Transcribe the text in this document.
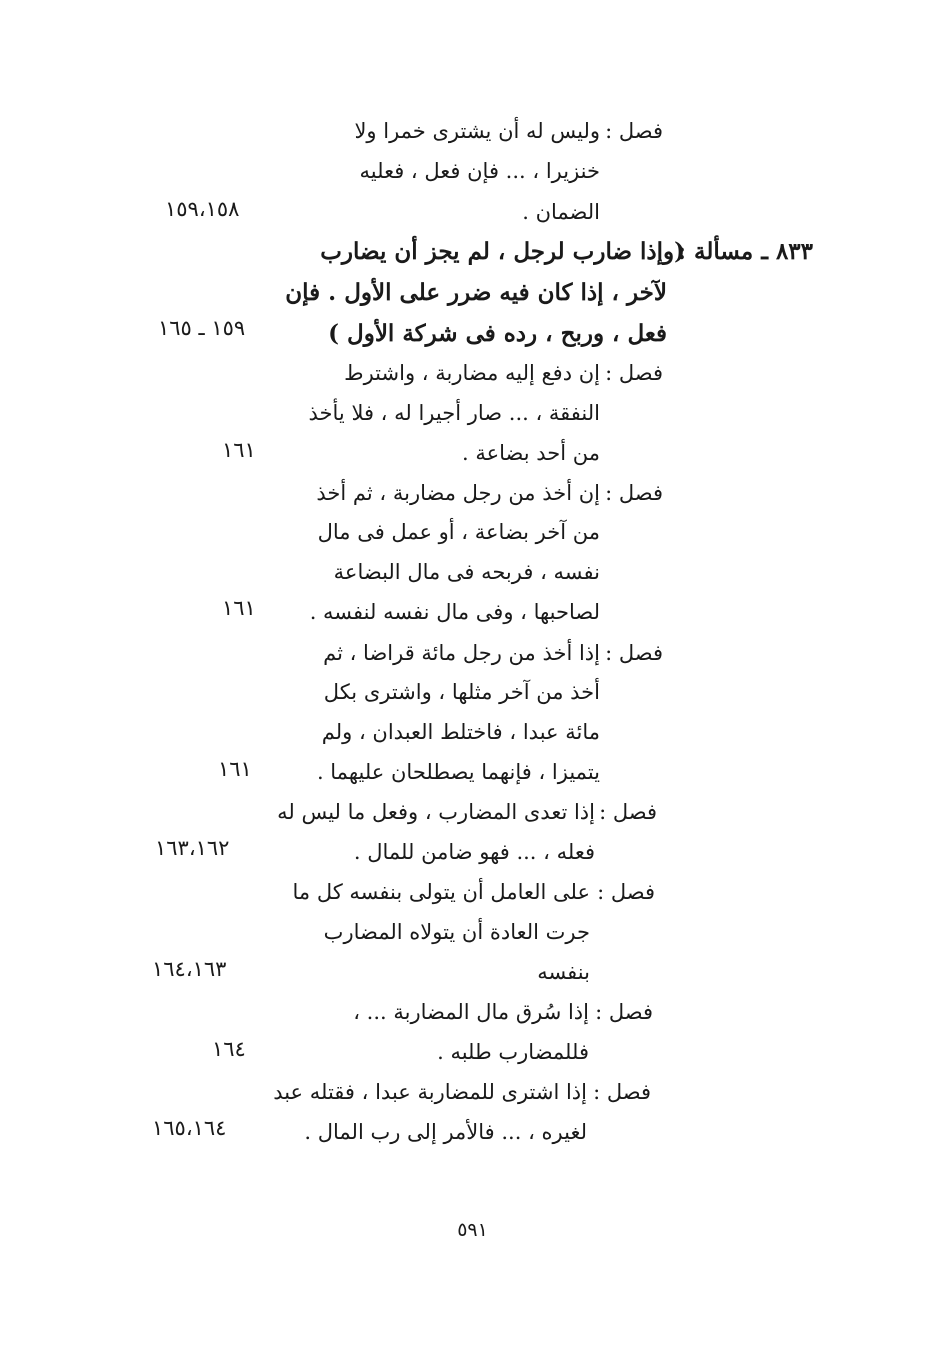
فصل :
وليس له أن يشترى خمرا ولا
خنزيرا ، ... فإن فعل ، فعليه
الضمان .
١٥٩،١٥٨
٨٣٣ ـ مسألة :
(وإذا ضارب لرجل ، لم يجز أن يضارب
لآخر ، إذا كان فيه ضرر على الأول . فإن
فعل ، وربح ، رده فى شركة الأول )
١٥٩ ـ ١٦٥
فصل :
إن دفع إليه مضاربة ، واشترط
النفقة ، ... صار أجيرا له ، فلا يأخذ
من أحد بضاعة .
١٦١
فصل :
إن أخذ من رجل مضاربة ، ثم أخذ
من آخر بضاعة ، أو عمل فى مال
نفسه ، فربحه فى مال البضاعة
لصاحبها ، وفى مال نفسه لنفسه .
١٦١
فصل :
إذا أخذ من رجل مائة قراضا ، ثم
أخذ من آخر مثلها ، واشترى بكل
مائة عبدا ، فاختلط العبدان ، ولم
يتميزا ، فإنهما يصطلحان عليهما .
١٦١
فصل :
إذا تعدى المضارب ، وفعل ما ليس له
فعله ، ... فهو ضامن للمال .
١٦٣،١٦٢
فصل :
على العامل أن يتولى بنفسه كل ما
جرت العادة أن يتولاه المضارب
بنفسه
١٦٤،١٦٣
فصل :
إذا سُرق مال المضاربة ... ،
فللمضارب طلبه .
١٦٤
فصل :
إذا اشترى للمضاربة عبدا ، فقتله عبد
لغيره ، ... فالأمر إلى رب المال .
١٦٥،١٦٤
٥٩١
